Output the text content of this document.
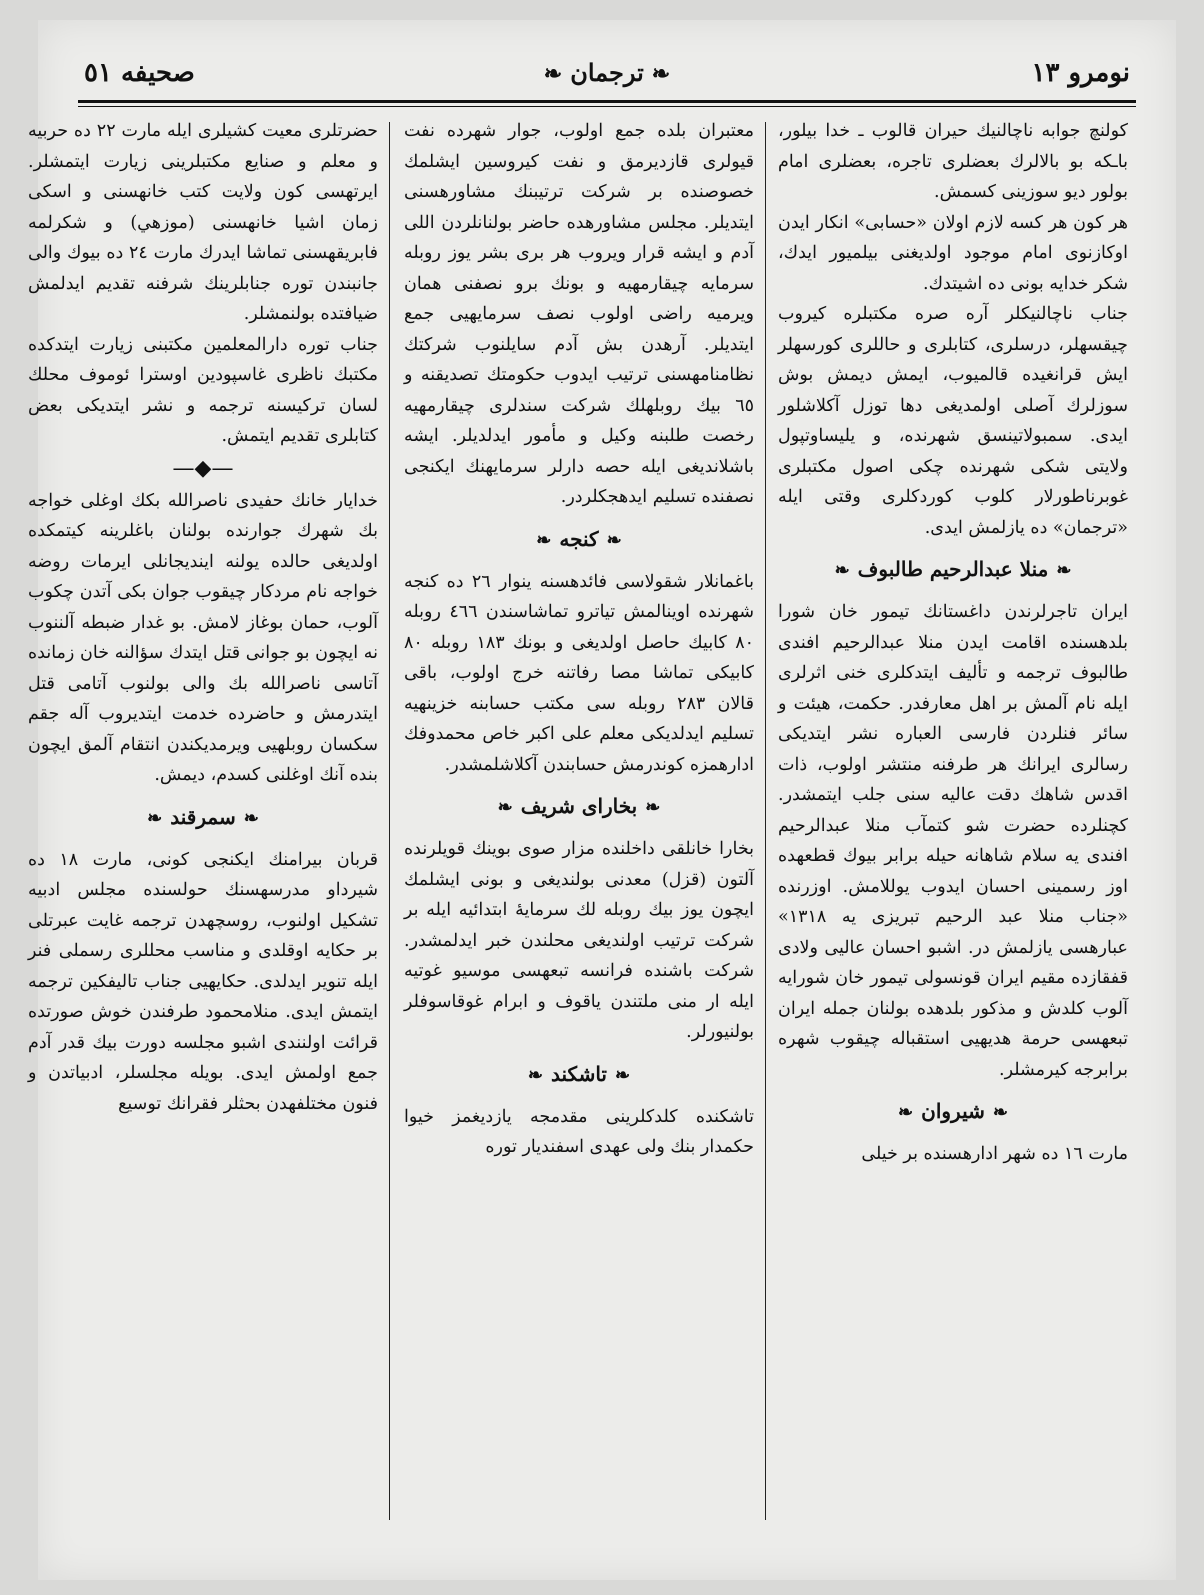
نومرو ١٣
❧ترجمان❧
صحيفه ٥١

كولنچ جوابه ناچالنيك حيران قالوب ـ خدا بيلور، باـكه بو بالالرك بعضلرى تاجره، بعضلرى امام بولور ديو سوزينى كسمش.

هر كون هر كسه لازم اولان «حسابى» انكار ايدن اوكازنوى امام موجود اولديغنى بيلميور ايدك، شكر خدايه بونى ده اشيتدك.

جناب ناچالنيكلر آره صره مكتبلره كيروب چيقسهلر، درسلرى، كتابلرى و حاللرى كورسهلر ايش قرانغيده قالميوب، ايمش ديمش بوش سوزلرك آصلى اولمديغى دها توزل آكلاشلور ايدى. سمبولاتينسق شهرنده، و يليساوتپول ولايتى شكى شهرنده چكى اصول مكتبلرى غوبرناطورلار كلوب كوردكلرى وقتى ايله «ترجمان» ده يازلمش ايدى.

❧منلا عبدالرحيم طالبوف❧

ايران تاجرلرندن داغستانك تيمور خان شورا بلدهسنده اقامت ايدن منلا عبدالرحيم افندى طالبوف ترجمه و تأليف ايتدكلرى خنى اثرلرى ايله نام آلمش بر اهل معارفدر. حكمت، هيئت و سائر فنلردن فارسى العباره نشر ايتديكى رسالرى ايرانك هر طرفنه منتشر اولوب، ذات اقدس شاهك دقت عاليه سنى جلب ايتمشدر. كچنلرده حضرت شو كتمآب منلا عبدالرحيم افندى يه سلام شاهانه حيله برابر بيوك قطعهده اوز رسمينى احسان ايدوب يوللامش. اوزرنده «جناب منلا عبد الرحيم تبريزى يه ١٣١٨» عبارهسى يازلمش در. اشبو احسان عاليى ولادى قفقازده مقيم ايران قونسولى تيمور خان شورايه آلوب كلدش و مذكور بلدهده بولنان جمله ايران تبعهسى حرمة هديهيى استقباله چيقوب شهره برابرجه كيرمشلر.

❧شيروان❧

مارت ١٦ ده شهر ادارهسنده بر خيلى

معتبران بلده جمع اولوب، جوار شهرده نفت قيولرى قازديرمق و نفت كيروسين ايشلمك خصوصنده بر شركت ترتيبنك مشاورهسنى ايتديلر. مجلس مشاورهده حاضر بولنانلردن اللى آدم و ايشه قرار ويروب هر برى بشر يوز روبله سرمايه چيقارمهيه و بونك برو نصفنى همان ويرميه راضى اولوب نصف سرمايهيى جمع ايتديلر. آرهدن بش آدم سايلنوب شركتك نظامنامهسنى ترتيب ايدوب حكومتك تصديقنه و ٦٥ بيك روبلهلك شركت سندلرى چيقارمهيه رخصت طلبنه وكيل و مأمور ايدلديلر. ايشه باشلانديغى ايله حصه دارلر سرمايهنك ايكنجى نصفنده تسليم ايدهجكلردر.

❧كنجه❧

باغمانلار شقولاسى فائدهسنه ينوار ٢٦ ده كنجه شهرنده اوينالمش تياترو تماشاسندن ٤٦٦ روبله ٨٠ كابيك حاصل اولديغى و بونك ١٨٣ روبله ٨٠ كابيكى تماشا مصا رفاتنه خرج اولوب، باقى قالان ٢٨٣ روبله سى مكتب حسابنه خزينهيه تسليم ايدلديكى معلم على اكبر خاص محمدوفك ادارهمزه كوندرمش حسابندن آكلاشلمشدر.

❧بخاراى شريف❧

بخارا خانلقى داخلنده مزار صوى بوينك قويلرنده آلتون (قزل) معدنى بولنديغى و بونى ايشلمك ايچون يوز بيك روبله لك سرمايهٔ ابتدائيه ايله بر شركت ترتيب اولنديغى محلندن خبر ايدلمشدر. شركت باشنده فرانسه تبعهسى موسيو غوتيه ايله ار منى ملتندن ياقوف و ابرام غوقاسوفلر بولنيورلر.

❧تاشكند❧

تاشكنده كلدكلرينى مقدمجه يازديغمز خيوا حكمدار بنك ولى عهدى اسفنديار توره

حضرتلرى معيت كشيلرى ايله مارت ٢٢ ده حربيه و معلم و صنايع مكتبلرينى زيارت ايتمشلر. ايرتهسى كون ولايت كتب خانهسنى و اسكى زمان اشيا خانهسنى (موزهي) و شكرلمه فابريقهسنى تماشا ايدرك مارت ٢٤ ده بيوك والى جانبندن توره جنابلرينك شرفنه تقديم ايدلمش ضيافتده بولنمشلر.

جناب توره دارالمعلمين مكتبنى زيارت ايتدكده مكتبك ناظرى غاسپودين اوسترا ئوموف محلك لسان تركيسنه ترجمه و نشر ايتديكى بعض كتابلرى تقديم ايتمش.

—◆—

خدايار خانك حفيدى ناصرالله بكك اوغلى خواجه بك شهرك جوارنده بولنان باغلرينه كيتمكده اولديغى حالده يولنه اينديجانلى ايرمات روضه خواجه نام مردكار چيقوب جوان بكى آتدن چكوب آلوب، حمان بوغاز لامش. بو غدار ضبطه آلننوب نه ايچون بو جوانى قتل ايتدك سؤالنه خان زمانده آتاسى ناصرالله بك والى بولنوب آتامى قتل ايتدرمش و حاضرده خدمت ايتديروب آله جقم سكسان روبلهيى ويرمديكندن انتقام آلمق ايچون بنده آنك اوغلنى كسدم، ديمش.

❧سمرقند❧

قربان بيرامنك ايكنجى كونى، مارت ١٨ ده شيرداو مدرسهسنك حولسنده مجلس ادبيه تشكيل اولنوب، روسچهدن ترجمه غايت عبرتلى بر حكايه اوقلدى و مناسب محللرى رسملى فنر ايله تنوير ايدلدى. حكايهيى جناب تاليفكين ترجمه ايتمش ايدى. منلامحمود طرفندن خوش صورتده قرائت اولنندى اشبو مجلسه دورت بيك قدر آدم جمع اولمش ايدى. بويله مجلسلر، ادبياتدن و فنون مختلفهدن بحثلر فقرانك توسيع
